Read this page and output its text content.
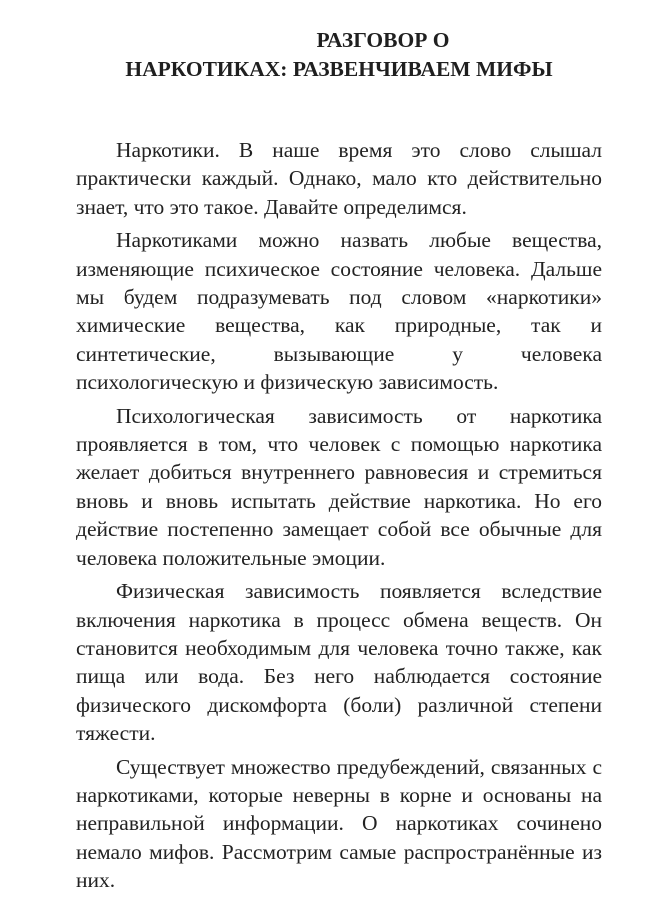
РАЗГОВОР О
НАРКОТИКАХ: РАЗВЕНЧИВАЕМ МИФЫ

Наркотики. В наше время это слово слышал практически каждый. Однако, мало кто действительно знает, что это такое. Давайте определимся.

Наркотиками можно назвать любые вещества, изменяющие психическое состояние человека. Дальше мы будем подразумевать под словом «наркотики» химические вещества, как природные, так и синтетические, вызывающие у человека психологическую и физическую зависимость.

Психологическая зависимость от наркотика проявляется в том, что человек с помощью наркотика желает добиться внутреннего равновесия и стремиться вновь и вновь испытать действие наркотика. Но его действие постепенно замещает собой все обычные для человека положительные эмоции.

Физическая зависимость появляется вследствие включения наркотика в процесс обмена веществ. Он становится необходимым для человека точно также, как пища или вода. Без него наблюдается состояние физического дискомфорта (боли) различной степени тяжести.

Существует множество предубеждений, связанных с наркотиками, которые неверны в корне и основаны на неправильной информации. О наркотиках сочинено немало мифов. Рассмотрим самые распространённые из них.
